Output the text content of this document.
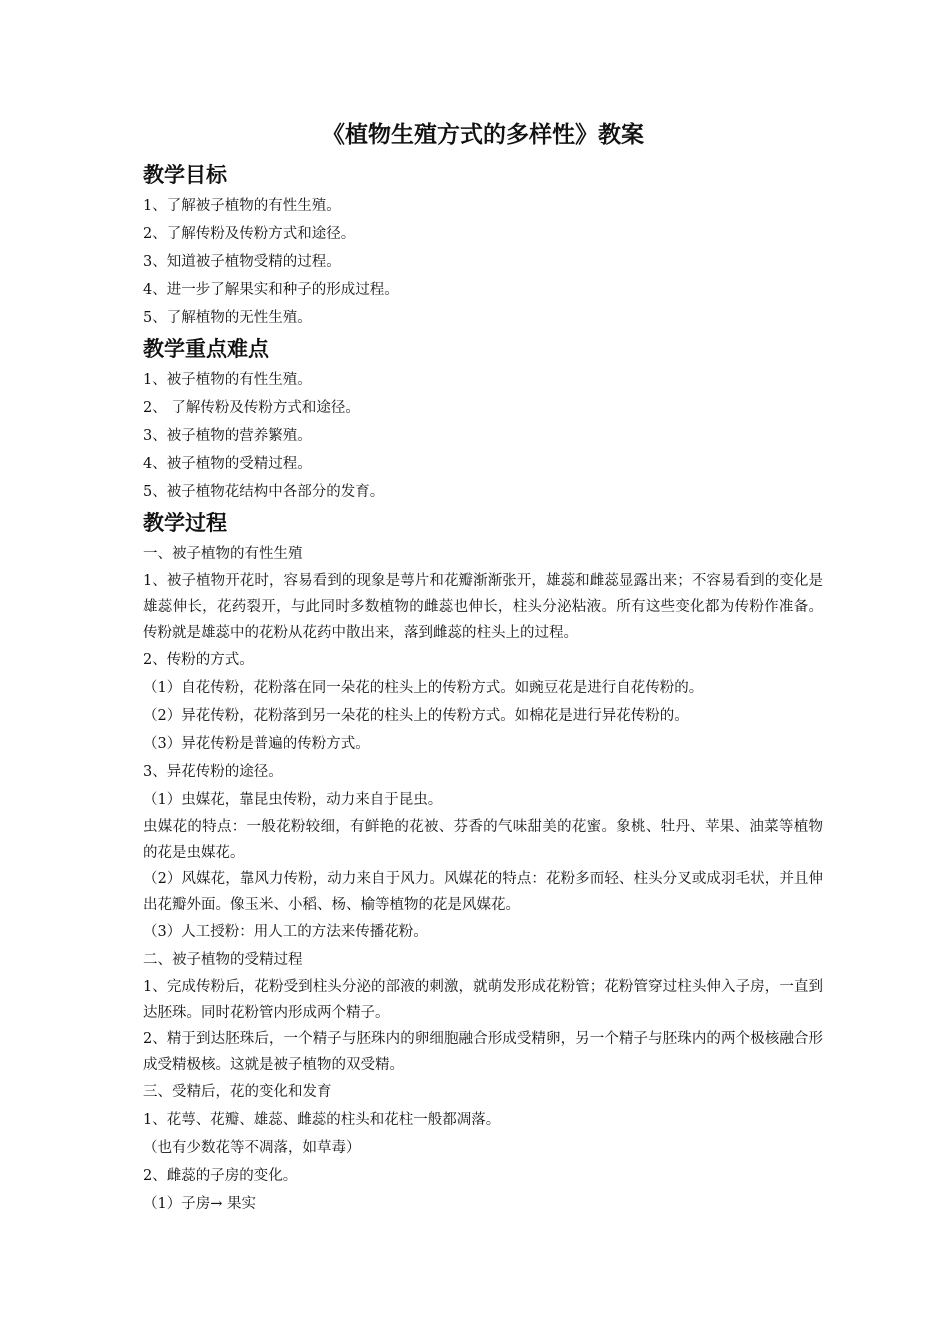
《植物生殖方式的多样性》教案
教学目标

1、了解被子植物的有性生殖。

2、了解传粉及传粉方式和途径。

3、知道被子植物受精的过程。

4、进一步了解果实和种子的形成过程。

5、了解植物的无性生殖。

教学重点难点

1、被子植物的有性生殖。

2、 了解传粉及传粉方式和途径。

3、被子植物的营养繁殖。

4、被子植物的受精过程。

5、被子植物花结构中各部分的发育。

教学过程

一、被子植物的有性生殖

1、被子植物开花时，容易看到的现象是萼片和花瓣渐渐张开，雄蕊和雌蕊显露出来；不容易看到的变化是雄蕊伸长，花药裂开，与此同时多数植物的雌蕊也伸长，柱头分泌粘液。所有这些变化都为传粉作准备。传粉就是雄蕊中的花粉从花药中散出来，落到雌蕊的柱头上的过程。

2、传粉的方式。

（1）自花传粉，花粉落在同一朵花的柱头上的传粉方式。如豌豆花是进行自花传粉的。

（2）异花传粉，花粉落到另一朵花的柱头上的传粉方式。如棉花是进行异花传粉的。

（3）异花传粉是普遍的传粉方式。

3、异花传粉的途径。

（1）虫媒花，靠昆虫传粉，动力来自于昆虫。

虫媒花的特点：一般花粉较细，有鲜艳的花被、芬香的气味甜美的花蜜。象桃、牡丹、苹果、油菜等植物的花是虫媒花。

（2）风媒花，靠风力传粉，动力来自于风力。风媒花的特点：花粉多而轻、柱头分叉或成羽毛状，并且伸出花瓣外面。像玉米、小稻、杨、榆等植物的花是风媒花。

（3）人工授粉：用人工的方法来传播花粉。

二、被子植物的受精过程

1、完成传粉后，花粉受到柱头分泌的部液的刺激，就萌发形成花粉管；花粉管穿过柱头伸入子房，一直到达胚珠。同时花粉管内形成两个精子。

2、精于到达胚珠后，一个精子与胚珠内的卵细胞融合形成受精卵，另一个精子与胚珠内的两个极核融合形成受精极核。这就是被子植物的双受精。

三、受精后，花的变化和发育

1、花萼、花瓣、雄蕊、雌蕊的柱头和花柱一般都凋落。

（也有少数花等不凋落，如草毒）

2、雌蕊的子房的变化。

（1）子房→ 果实
